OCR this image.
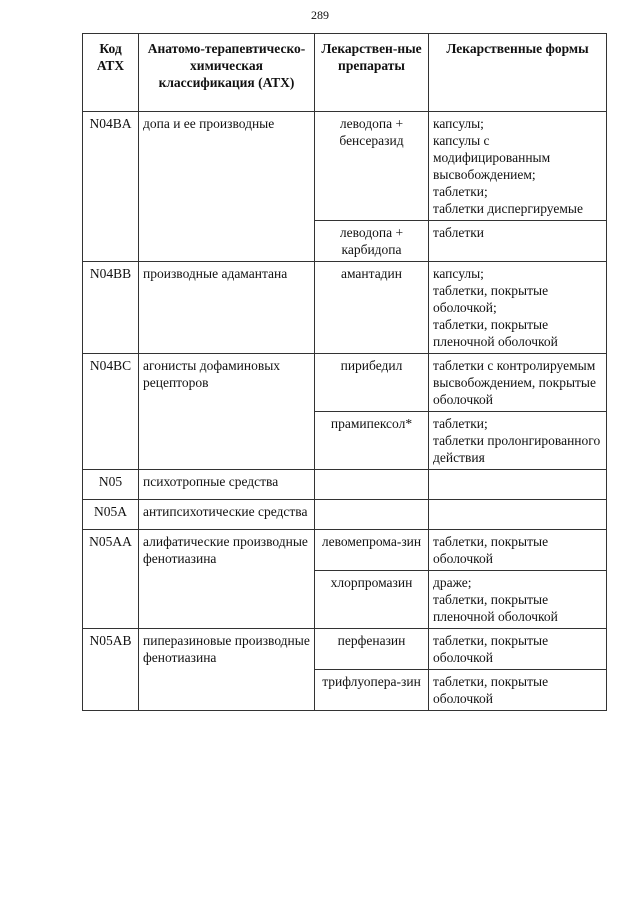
289
Код АТХ	Анатомо-терапевтическо-химическая классификация (АТХ)	Лекарствен-ные препараты	Лекарственные формы
N04BA	допа и ее производные	леводопа + бенсеразид	капсулы;
капсулы с модифицированным высвобождением;
таблетки;
таблетки диспергируемые
		леводопа + карбидопа	таблетки
N04BB	производные адамантана	амантадин	капсулы;
таблетки, покрытые оболочкой;
таблетки, покрытые пленочной оболочкой
N04BC	агонисты дофаминовых рецепторов	пирибедил	таблетки с контролируемым высвобождением, покрытые оболочкой
		прамипексол*	таблетки;
таблетки пролонгированного действия
N05	психотропные средства		
N05A	антипсихотические средства		
N05AA	алифатические производные фенотиазина	левомепрома-зин	таблетки, покрытые оболочкой
		хлорпромазин	драже;
таблетки, покрытые пленочной оболочкой
N05AB	пиперазиновые производные фенотиазина	перфеназин	таблетки, покрытые оболочкой
		трифлуопера-зин	таблетки, покрытые оболочкой
